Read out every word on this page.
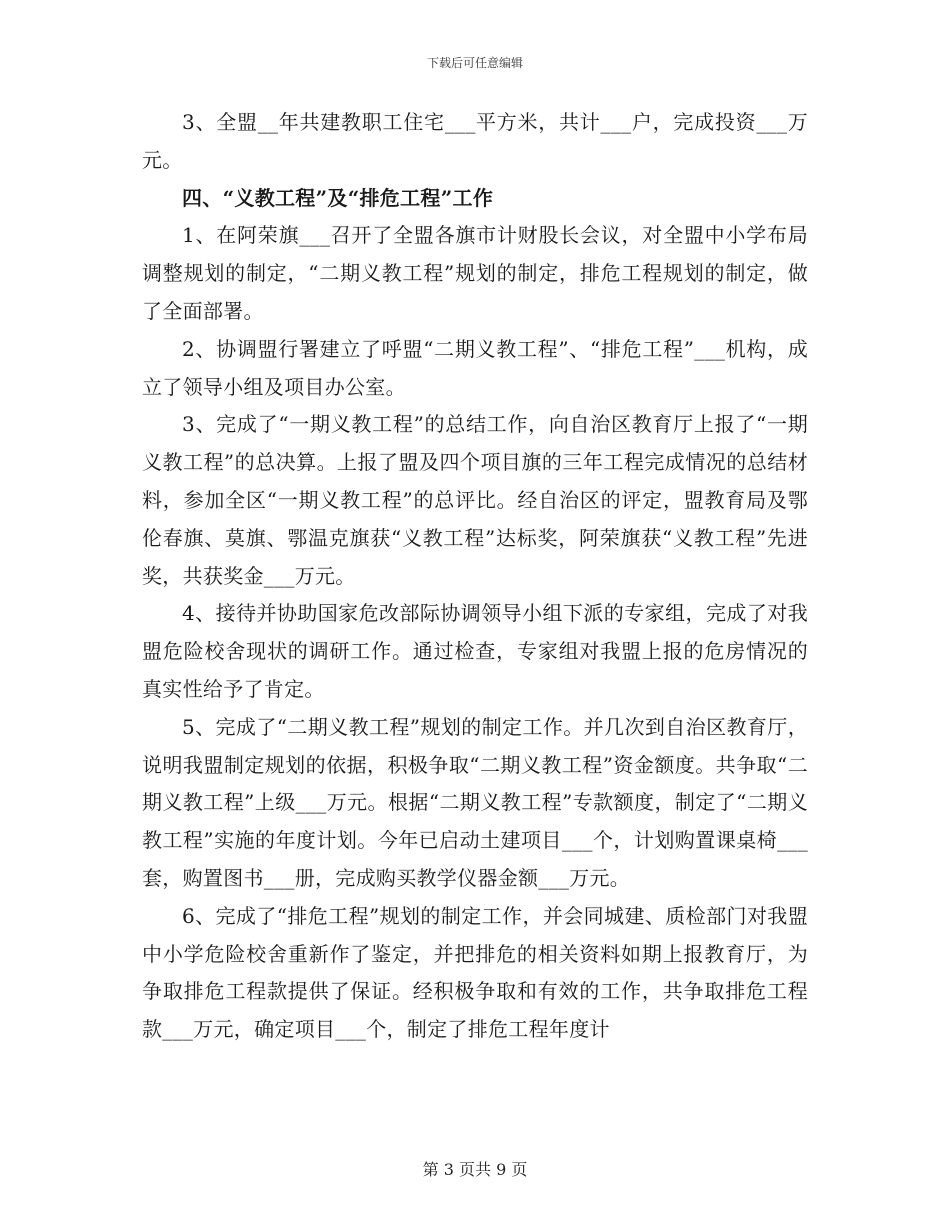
下载后可任意编辑

3、全盟__年共建教职工住宅___平方米，共计___户，完成投资___万元。

四、“义教工程”及“排危工程”工作

1、在阿荣旗___召开了全盟各旗市计财股长会议，对全盟中小学布局调整规划的制定，“二期义教工程”规划的制定，排危工程规划的制定，做了全面部署。

2、协调盟行署建立了呼盟“二期义教工程”、“排危工程”___机构，成立了领导小组及项目办公室。

3、完成了“一期义教工程”的总结工作，向自治区教育厅上报了“一期义教工程”的总决算。上报了盟及四个项目旗的三年工程完成情况的总结材料，参加全区“一期义教工程”的总评比。经自治区的评定，盟教育局及鄂伦春旗、莫旗、鄂温克旗获“义教工程”达标奖，阿荣旗获“义教工程”先进奖，共获奖金___万元。

4、接待并协助国家危改部际协调领导小组下派的专家组，完成了对我盟危险校舍现状的调研工作。通过检查，专家组对我盟上报的危房情况的真实性给予了肯定。

5、完成了“二期义教工程”规划的制定工作。并几次到自治区教育厅，说明我盟制定规划的依据，积极争取“二期义教工程”资金额度。共争取“二期义教工程”上级___万元。根据“二期义教工程”专款额度，制定了“二期义教工程”实施的年度计划。今年已启动土建项目___个，计划购置课桌椅___套，购置图书___册，完成购买教学仪器金额___万元。

6、完成了“排危工程”规划的制定工作，并会同城建、质检部门对我盟中小学危险校舍重新作了鉴定，并把排危的相关资料如期上报教育厅，为争取排危工程款提供了保证。经积极争取和有效的工作，共争取排危工程款___万元，确定项目___个，制定了排危工程年度计

第 3 页共 9 页
